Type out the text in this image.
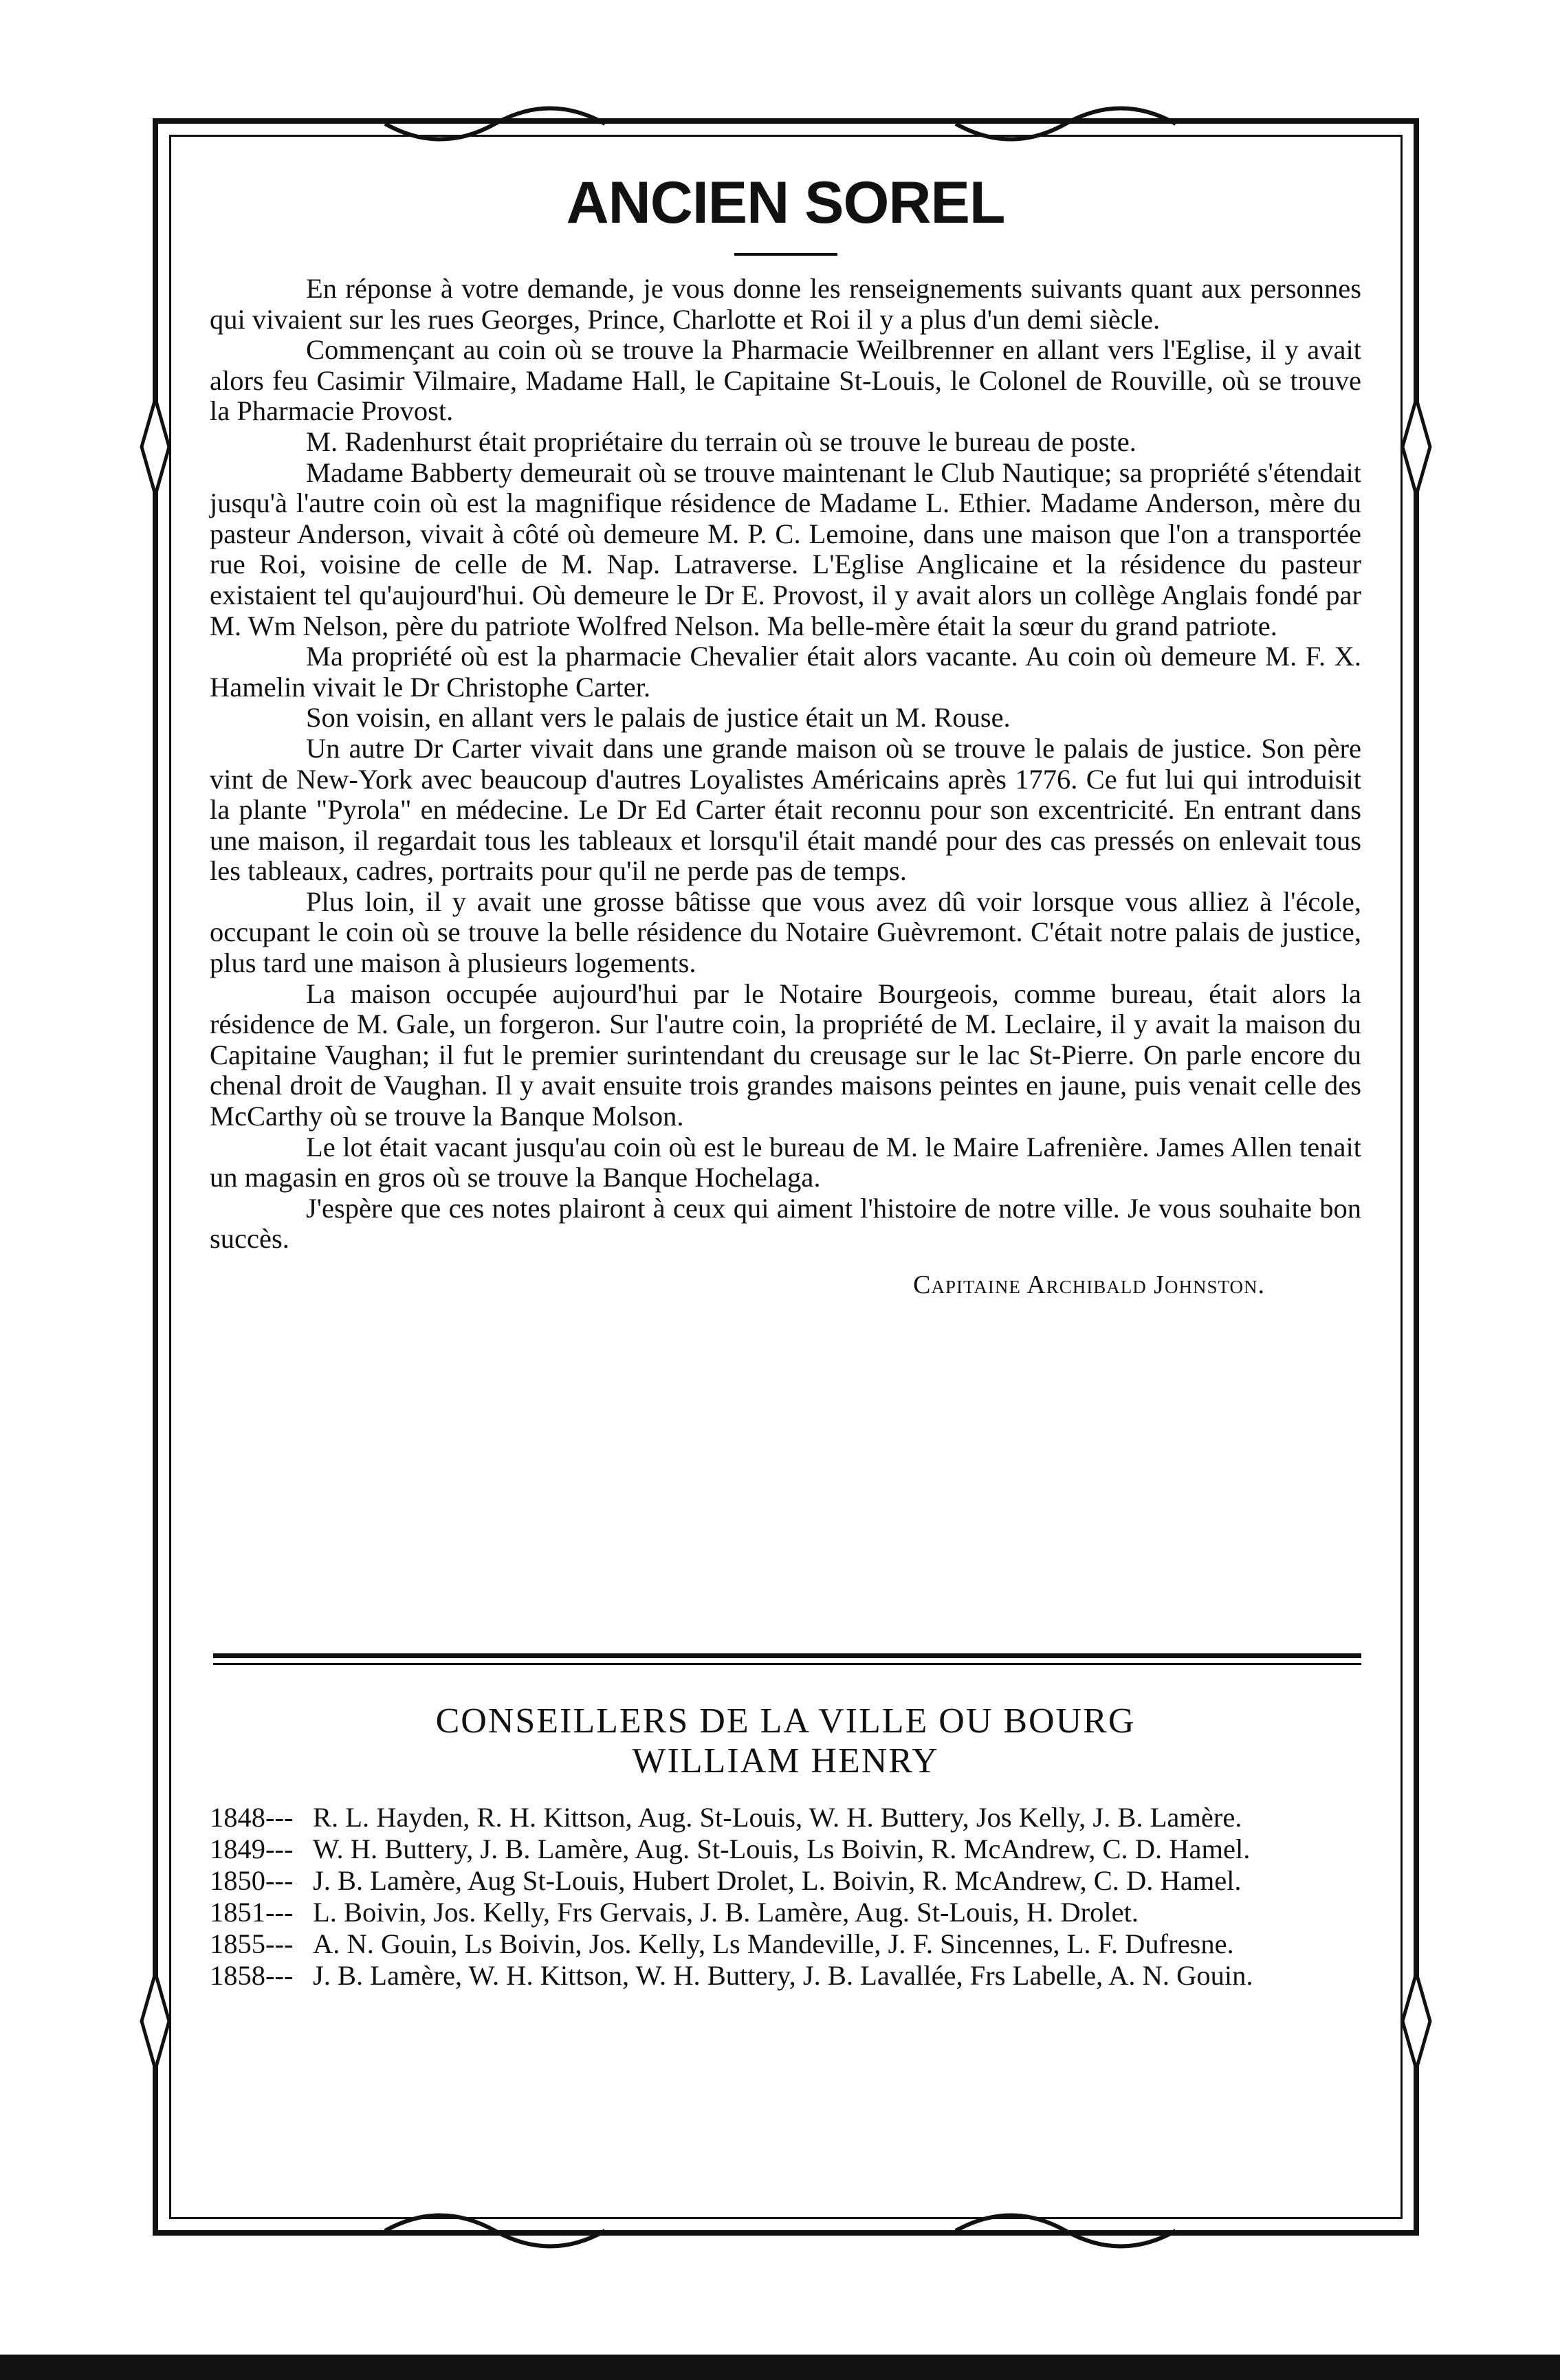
ANCIEN SOREL

En réponse à votre demande, je vous donne les renseignements suivants quant aux personnes qui vivaient sur les rues Georges, Prince, Charlotte et Roi il y a plus d'un demi siècle.

Commençant au coin où se trouve la Pharmacie Weilbrenner en allant vers l'Eglise, il y avait alors feu Casimir Vilmaire, Madame Hall, le Capitaine St-Louis, le Colonel de Rouville, où se trouve la Pharmacie Provost.

M. Radenhurst était propriétaire du terrain où se trouve le bureau de poste.

Madame Babberty demeurait où se trouve maintenant le Club Nautique; sa propriété s'étendait jusqu'à l'autre coin où est la magnifique résidence de Madame L. Ethier. Madame Anderson, mère du pasteur Anderson, vivait à côté où demeure M. P. C. Lemoine, dans une maison que l'on a transportée rue Roi, voisine de celle de M. Nap. Latraverse. L'Eglise Anglicaine et la résidence du pasteur existaient tel qu'aujourd'hui. Où demeure le Dr E. Provost, il y avait alors un collège Anglais fondé par M. Wm Nelson, père du patriote Wolfred Nelson. Ma belle-mère était la sœur du grand patriote.

Ma propriété où est la pharmacie Chevalier était alors vacante. Au coin où demeure M. F. X. Hamelin vivait le Dr Christophe Carter.

Son voisin, en allant vers le palais de justice était un M. Rouse.

Un autre Dr Carter vivait dans une grande maison où se trouve le palais de justice. Son père vint de New-York avec beaucoup d'autres Loyalistes Américains après 1776. Ce fut lui qui introduisit la plante "Pyrola" en médecine. Le Dr Ed Carter était reconnu pour son excentricité. En entrant dans une maison, il regardait tous les tableaux et lorsqu'il était mandé pour des cas pressés on enlevait tous les tableaux, cadres, portraits pour qu'il ne perde pas de temps.

Plus loin, il y avait une grosse bâtisse que vous avez dû voir lorsque vous alliez à l'école, occupant le coin où se trouve la belle résidence du Notaire Guèvremont. C'était notre palais de justice, plus tard une maison à plusieurs logements.

La maison occupée aujourd'hui par le Notaire Bourgeois, comme bureau, était alors la résidence de M. Gale, un forgeron. Sur l'autre coin, la propriété de M. Leclaire, il y avait la maison du Capitaine Vaughan; il fut le premier surintendant du creusage sur le lac St-Pierre. On parle encore du chenal droit de Vaughan. Il y avait ensuite trois grandes maisons peintes en jaune, puis venait celle des McCarthy où se trouve la Banque Molson.

Le lot était vacant jusqu'au coin où est le bureau de M. le Maire Lafrenière. James Allen tenait un magasin en gros où se trouve la Banque Hochelaga.

J'espère que ces notes plairont à ceux qui aiment l'histoire de notre ville. Je vous souhaite bon succès.

Capitaine Archibald Johnston.

CONSEILLERS DE LA VILLE OU BOURG
WILLIAM HENRY

1848--- R. L. Hayden, R. H. Kittson, Aug. St-Louis, W. H. Buttery, Jos Kelly, J. B. Lamère.

1849--- W. H. Buttery, J. B. Lamère, Aug. St-Louis, Ls Boivin, R. McAndrew, C. D. Hamel.

1850--- J. B. Lamère, Aug St-Louis, Hubert Drolet, L. Boivin, R. McAndrew, C. D. Hamel.

1851--- L. Boivin, Jos. Kelly, Frs Gervais, J. B. Lamère, Aug. St-Louis, H. Drolet.

1855--- A. N. Gouin, Ls Boivin, Jos. Kelly, Ls Mandeville, J. F. Sincennes, L. F. Dufresne.

1858--- J. B. Lamère, W. H. Kittson, W. H. Buttery, J. B. Lavallée, Frs Labelle, A. N. Gouin.
